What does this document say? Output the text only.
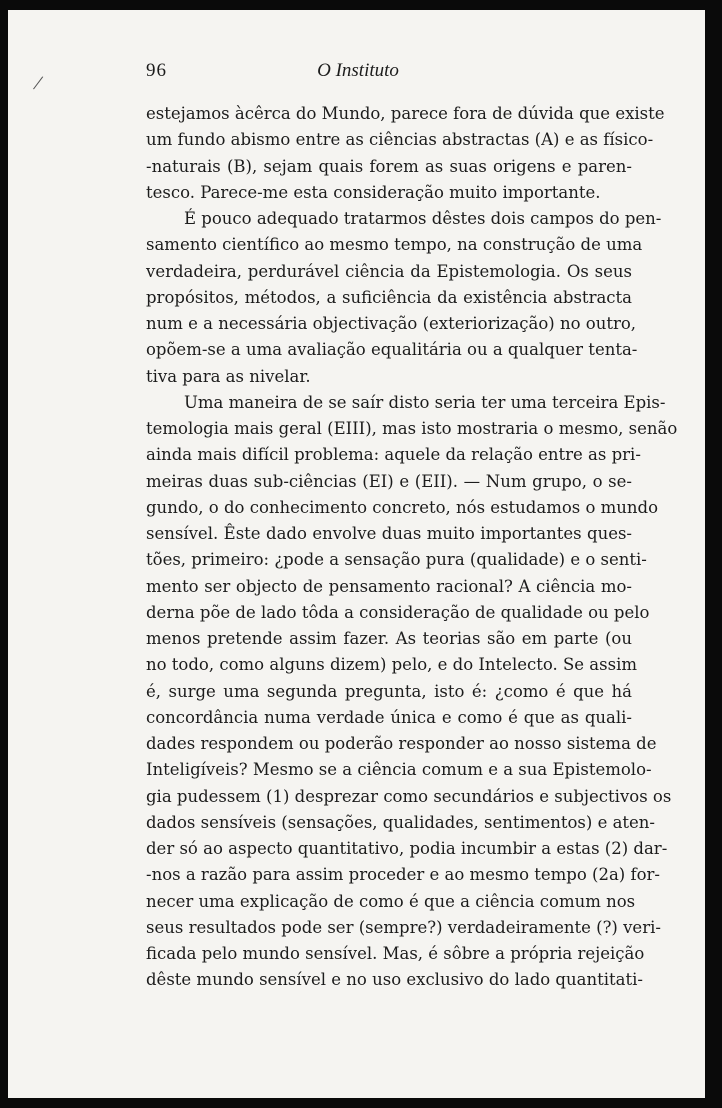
/	96	O Instituto

estejamos àcêrca do Mundo, parece fora de dúvida que existe
um fundo abismo entre as ciências abstractas (A) e as físico-
-naturais (B), sejam quais forem as suas origens e paren-
tesco. Parece-me esta consideração muito importante.

É pouco adequado tratarmos dêstes dois campos do pen-
samento científico ao mesmo tempo, na construção de uma
verdadeira, perdurável ciência da Epistemologia. Os seus
propósitos, métodos, a suficiência da existência abstracta
num e a necessária objectivação (exteriorização) no outro,
opõem-se a uma avaliação equalitária ou a qualquer tenta-
tiva para as nivelar.

Uma maneira de se saír disto seria ter uma terceira Epis-
temologia mais geral (EIII), mas isto mostraria o mesmo, senão
ainda mais difícil problema: aquele da relação entre as pri-
meiras duas sub-ciências (EI) e (EII). — Num grupo, o se-
gundo, o do conhecimento concreto, nós estudamos o mundo
sensível. Êste dado envolve duas muito importantes ques-
tões, primeiro: ¿pode a sensação pura (qualidade) e o senti-
mento ser objecto de pensamento racional? A ciência mo-
derna põe de lado tôda a consideração de qualidade ou pelo
menos pretende assim fazer. As teorias são em parte (ou
no todo, como alguns dizem) pelo, e do Intelecto. Se assim
é, surge uma segunda pregunta, isto é: ¿como é que há
concordância numa verdade única e como é que as quali-
dades respondem ou poderão responder ao nosso sistema de
Inteligíveis? Mesmo se a ciência comum e a sua Epistemolo-
gia pudessem (1) desprezar como secundários e subjectivos os
dados sensíveis (sensações, qualidades, sentimentos) e aten-
der só ao aspecto quantitativo, podia incumbir a estas (2) dar-
-nos a razão para assim proceder e ao mesmo tempo (2a) for-
necer uma explicação de como é que a ciência comum nos
seus resultados pode ser (sempre?) verdadeiramente (?) veri-
ficada pelo mundo sensível. Mas, é sôbre a própria rejeição
dêste mundo sensível e no uso exclusivo do lado quantitati-
